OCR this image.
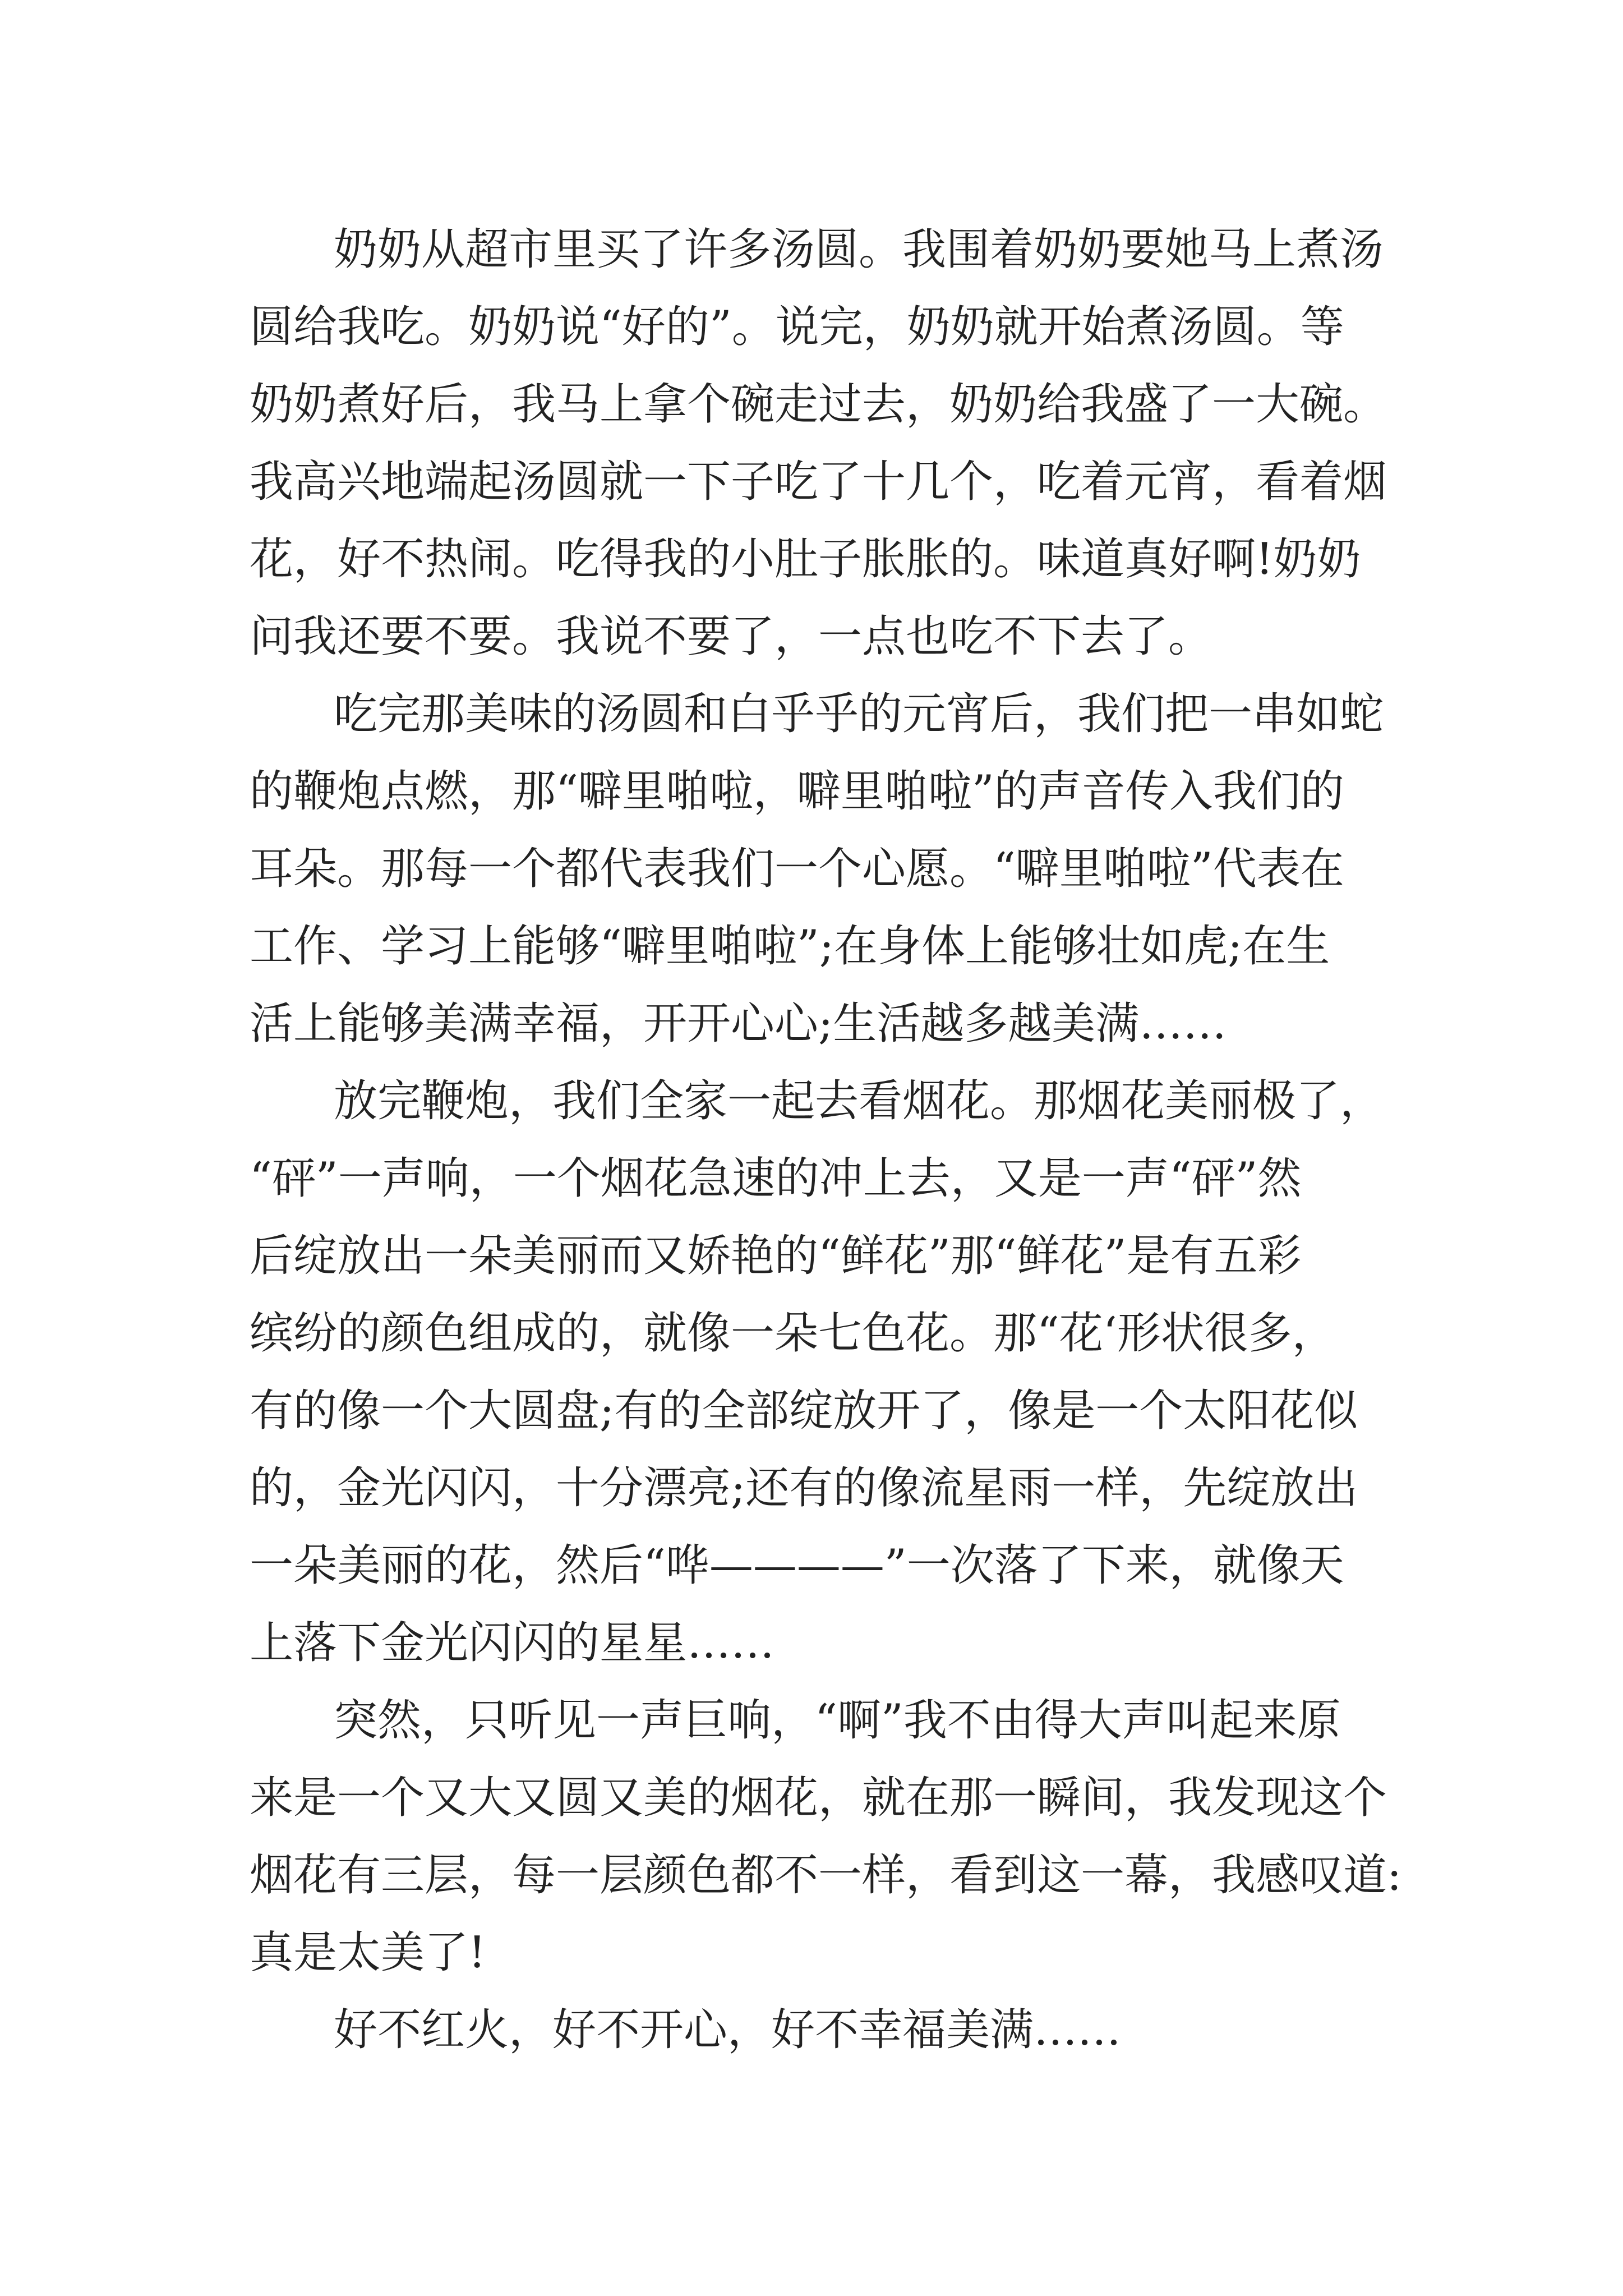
奶奶从超市里买了许多汤圆。我围着奶奶要她马上煮汤
圆给我吃。奶奶说“好的”。说完，奶奶就开始煮汤圆。等
奶奶煮好后，我马上拿个碗走过去，奶奶给我盛了一大碗。
我高兴地端起汤圆就一下子吃了十几个，吃着元宵，看着烟
花，好不热闹。吃得我的小肚子胀胀的。味道真好啊!奶奶
问我还要不要。我说不要了，一点也吃不下去了。
吃完那美味的汤圆和白乎乎的元宵后，我们把一串如蛇
的鞭炮点燃，那“噼里啪啦，噼里啪啦”的声音传入我们的
耳朵。那每一个都代表我们一个心愿。“噼里啪啦”代表在
工作、学习上能够“噼里啪啦”;在身体上能够壮如虎;在生
活上能够美满幸福，开开心心;生活越多越美满……
放完鞭炮，我们全家一起去看烟花。那烟花美丽极了，
“砰”一声响，一个烟花急速的冲上去，又是一声“砰”然
后绽放出一朵美丽而又娇艳的“鲜花”那“鲜花”是有五彩
缤纷的颜色组成的，就像一朵七色花。那“花‘形状很多，
有的像一个大圆盘;有的全部绽放开了，像是一个太阳花似
的，金光闪闪，十分漂亮;还有的像流星雨一样，先绽放出
一朵美丽的花，然后“哗————”一次落了下来，就像天
上落下金光闪闪的星星……
突然，只听见一声巨响，“啊”我不由得大声叫起来原
来是一个又大又圆又美的烟花，就在那一瞬间，我发现这个
烟花有三层，每一层颜色都不一样，看到这一幕，我感叹道:
真是太美了!
好不红火，好不开心，好不幸福美满……
